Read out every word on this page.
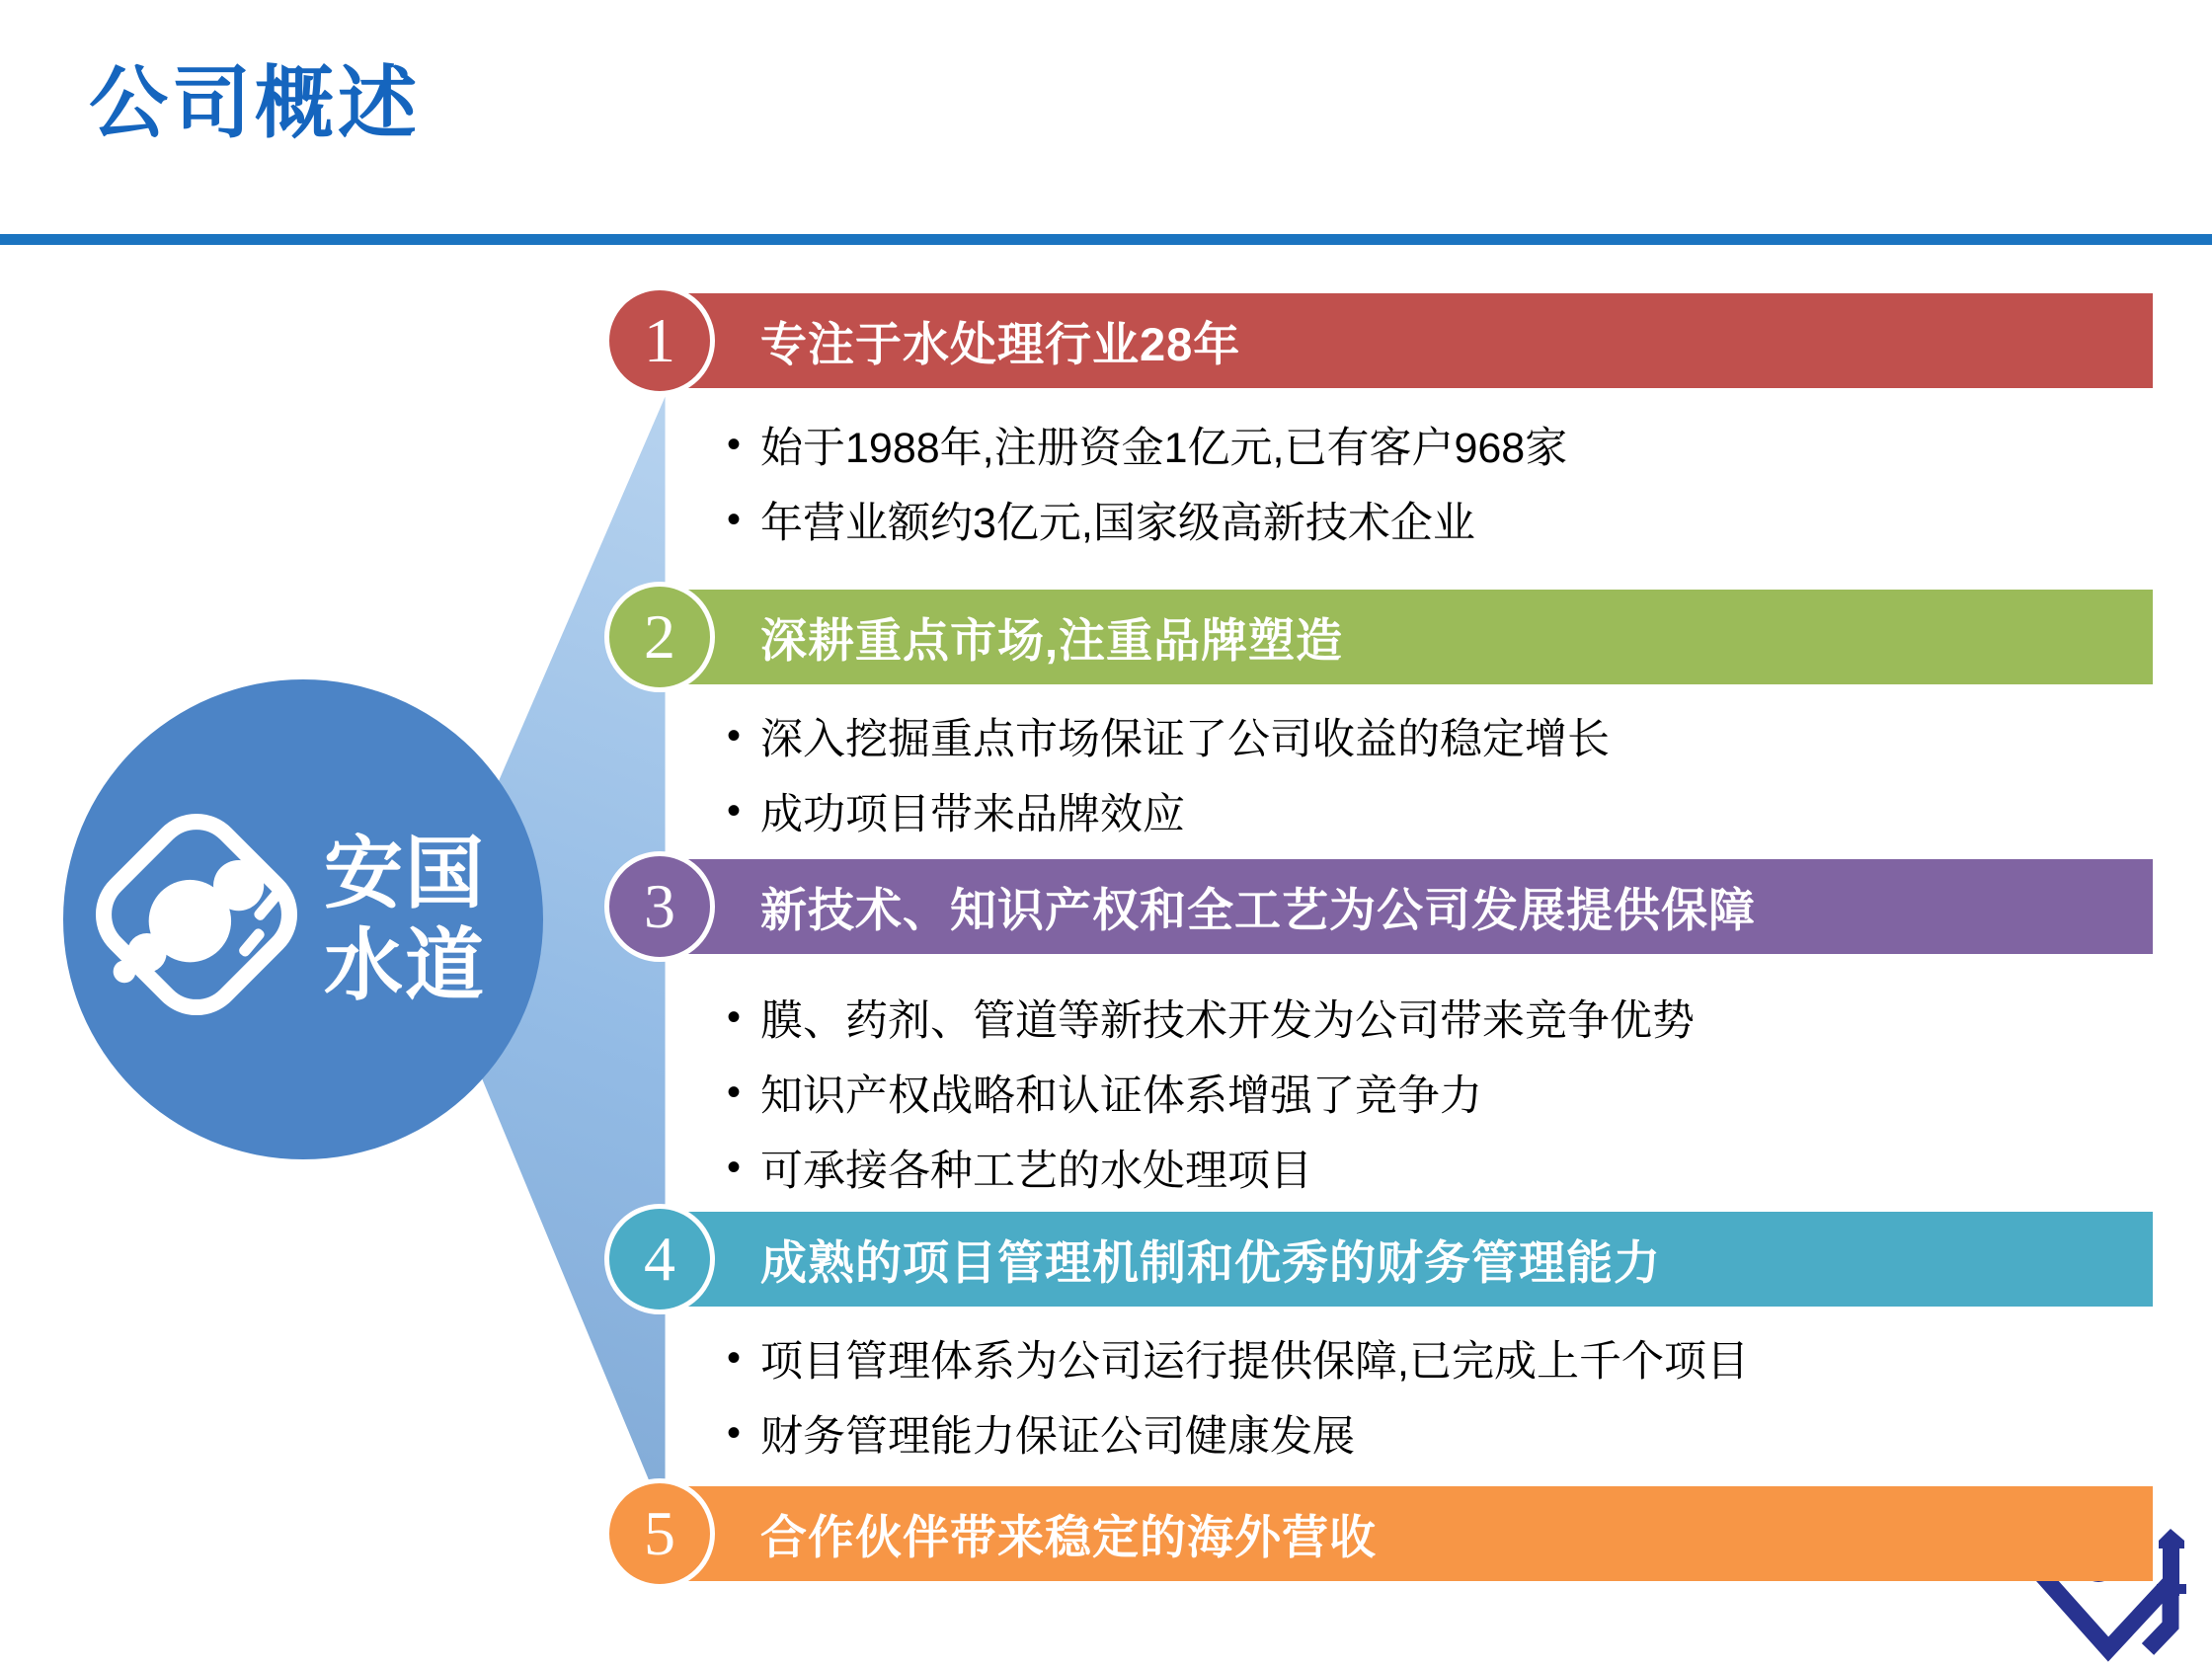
公司概述
安国
水道
专注于水处理行业28年
1
• 始于1988年,注册资金1亿元,已有客户968家
• 年营业额约3亿元,国家级高新技术企业
深耕重点市场,注重品牌塑造
2
• 深入挖掘重点市场保证了公司收益的稳定增长
• 成功项目带来品牌效应
新技术、知识产权和全工艺为公司发展提供保障
3
• 膜、药剂、管道等新技术开发为公司带来竞争优势
• 知识产权战略和认证体系增强了竞争力
• 可承接各种工艺的水处理项目
成熟的项目管理机制和优秀的财务管理能力
4
• 项目管理体系为公司运行提供保障,已完成上千个项目
• 财务管理能力保证公司健康发展
合作伙伴带来稳定的海外营收
5
